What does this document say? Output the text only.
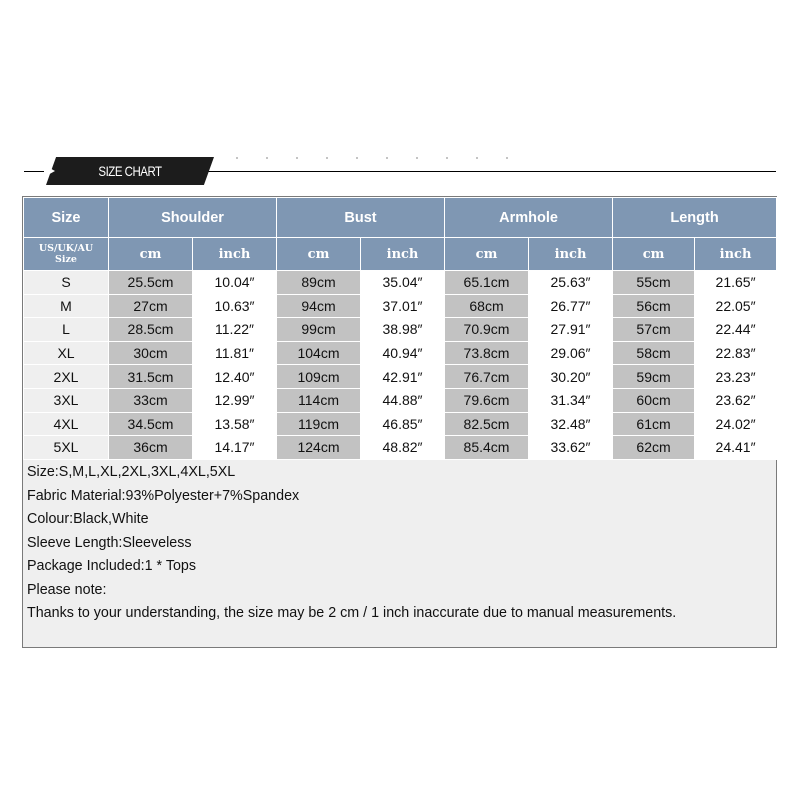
SIZE CHART
Size	Shoulder		Bust		Armhole		Length	
US/UK/AU
Size	cm	inch	cm	inch	cm	inch	cm	inch
S	25.5cm	10.04″	89cm	35.04″	65.1cm	25.63″	55cm	21.65″
M	27cm	10.63″	94cm	37.01″	68cm	26.77″	56cm	22.05″
L	28.5cm	11.22″	99cm	38.98″	70.9cm	27.91″	57cm	22.44″
XL	30cm	11.81″	104cm	40.94″	73.8cm	29.06″	58cm	22.83″
2XL	31.5cm	12.40″	109cm	42.91″	76.7cm	30.20″	59cm	23.23″
3XL	33cm	12.99″	114cm	44.88″	79.6cm	31.34″	60cm	23.62″
4XL	34.5cm	13.58″	119cm	46.85″	82.5cm	32.48″	61cm	24.02″
5XL	36cm	14.17″	124cm	48.82″	85.4cm	33.62″	62cm	24.41″
Size:S,M,L,XL,2XL,3XL,4XL,5XL
Fabric Material:93%Polyester+7%Spandex
Colour:Black,White
Sleeve Length:Sleeveless
Package Included:1 * Tops
Please note:
Thanks to your understanding, the size may be 2 cm / 1 inch inaccurate due to manual measurements.
